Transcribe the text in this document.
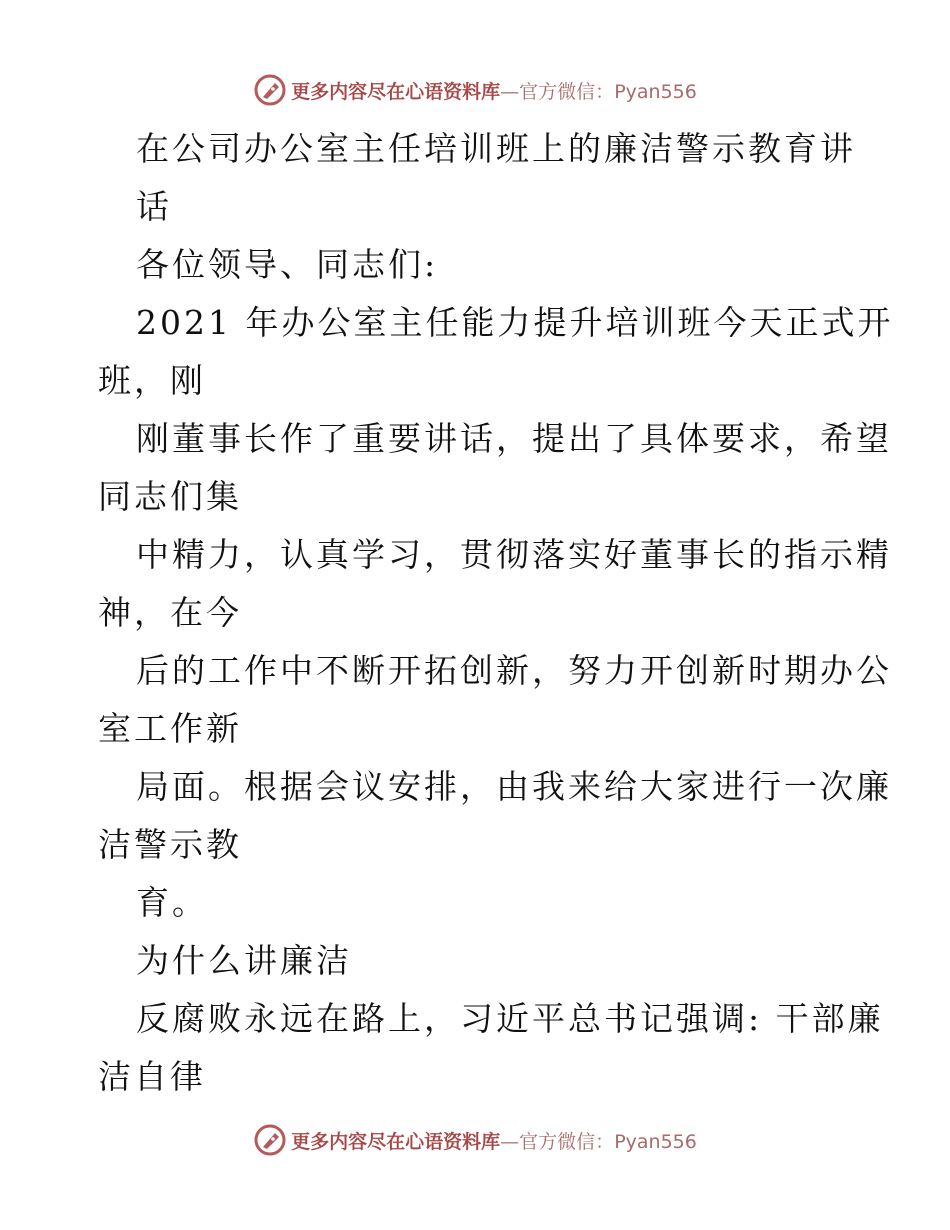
更多内容尽在心语资料库—官方微信：Pyan556
在公司办公室主任培训班上的廉洁警示教育讲
话
各位领导、同志们:
2021 年办公室主任能力提升培训班今天正式开
班，刚
刚董事长作了重要讲话，提出了具体要求，希望
同志们集
中精力，认真学习，贯彻落实好董事长的指示精
神，在今
后的工作中不断开拓创新，努力开创新时期办公
室工作新
局面。根据会议安排，由我来给大家进行一次廉
洁警示教
育。
为什么讲廉洁
反腐败永远在路上，习近平总书记强调: 干部廉
洁自律
更多内容尽在心语资料库—官方微信：Pyan556
